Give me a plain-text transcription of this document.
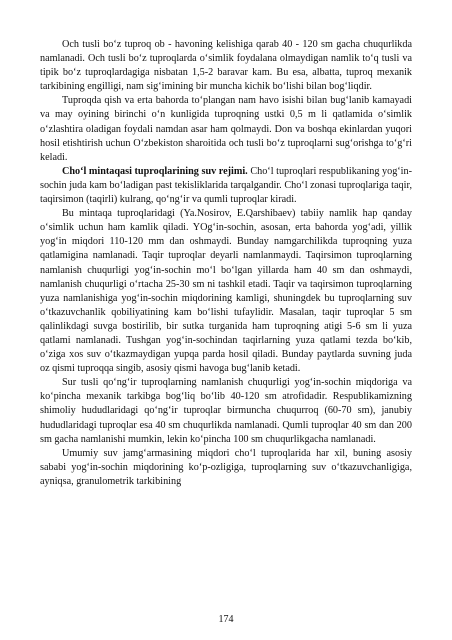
Och tusli bo‘z tuproq ob - havoning kelishiga qarab 40 - 120 sm gacha chuqurlikda namlanadi. Och tusli bo‘z tuproqlarda o‘simlik foydalana olmaydigan namlik to‘q tusli va tipik bo‘z tuproqlardagiga nisbatan 1,5-2 baravar kam. Bu esa, albatta, tuproq mexanik tarkibining engilligi, nam sig‘imining bir muncha kichik bo‘lishi bilan bog‘liqdir.

Tuproqda qish va erta bahorda to‘plangan nam havo isishi bilan bug‘lanib kamayadi va may oyining birinchi o‘n kunligida tuproqning ustki 0,5 m li qatlamida o‘simlik o‘zlashtira oladigan foydali namdan asar ham qolmaydi. Don va boshqa ekinlardan yuqori hosil etishtirish uchun O‘zbekiston sharoitida och tusli bo‘z tuproqlarni sug‘orishga to‘g‘ri keladi.

Cho‘l mintaqasi tuproqlarining suv rejimi. Cho‘l tuproqlari respublikaning yog‘in-sochin juda kam bo‘ladigan past tekisliklarida tarqalgandir. Cho‘l zonasi tuproqlariga taqir, taqirsimon (taqirli) kulrang, qo‘ng‘ir va qumli tuproqlar kiradi.

Bu mintaqa tuproqlaridagi (Ya.Nosirov, E.Qarshibaev) tabiiy namlik hap qanday o‘simlik uchun ham kamlik qiladi. YOg‘in-sochin, asosan, erta bahorda yog‘adi, yillik yog‘in miqdori 110-120 mm dan oshmaydi. Bunday namgarchilikda tuproqning yuza qatlamigina namlanadi. Taqir tuproqlar deyarli namlanmaydi. Taqirsimon tuproqlarning namlanish chuqurligi yog‘in-sochin mo‘l bo‘lgan yillarda ham 40 sm dan oshmaydi, namlanish chuqurligi o‘rtacha 25-30 sm ni tashkil etadi. Taqir va taqirsimon tuproqlarning yuza namlanishiga yog‘in-sochin miqdorining kamligi, shuningdek bu tuproqlarning suv o‘tkazuvchanlik qobiliyatining kam bo‘lishi tufaylidir. Masalan, taqir tuproqlar 5 sm qalinlikdagi suvga bostirilib, bir sutka turganida ham tuproqning atigi 5-6 sm li yuza qatlami namlanadi. Tushgan yog‘in-sochindan taqirlarning yuza qatlami tezda bo‘kib, o‘ziga xos suv o‘tkazmaydigan yupqa parda hosil qiladi. Bunday paytlarda suvning juda oz qismi tuproqqa singib, asosiy qismi havoga bug‘lanib ketadi.

Sur tusli qo‘ng‘ir tuproqlarning namlanish chuqurligi yog‘in-sochin miqdoriga va ko‘pincha mexanik tarkibga bog‘liq bo‘lib 40-120 sm atrofidadir. Respublikamizning shimoliy hududlaridagi qo‘ng‘ir tuproqlar birmuncha chuqurroq (60-70 sm), janubiy hududlaridagi tuproqlar esa 40 sm chuqurlikda namlanadi. Qumli tuproqlar 40 sm dan 200 sm gacha namlanishi mumkin, lekin ko‘pincha 100 sm chuqurlikgacha namlanadi.

Umumiy suv jamg‘armasining miqdori cho‘l tuproqlarida har xil, buning asosiy sababi yog‘in-sochin miqdorining ko‘p-ozligiga, tuproqlarning suv o‘tkazuvchanligiga, ayniqsa, granulometrik tarkibining

174
